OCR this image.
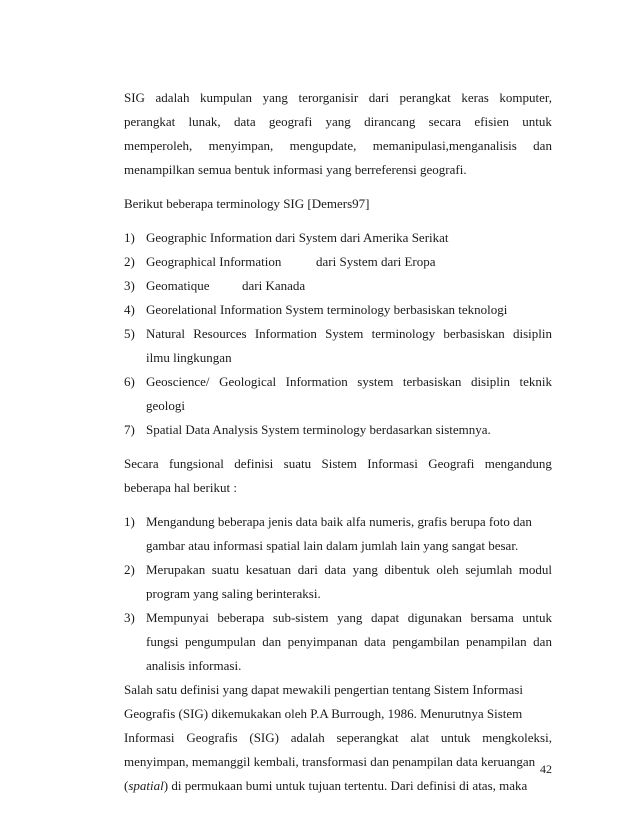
SIG adalah kumpulan yang terorganisir dari perangkat keras komputer,
perangkat lunak, data geografi yang dirancang secara efisien untuk
memperoleh, menyimpan, mengupdate, memanipulasi,menganalisis dan
menampilkan semua bentuk informasi yang berreferensi geografi.
Berikut beberapa terminology SIG [Demers97]
1) Geographic Information dari System dari Amerika Serikat
2) Geographical Information	dari System dari Eropa
3) Geomatique dari Kanada
4) Georelational Information System terminology berbasiskan teknologi
5) Natural Resources Information System terminology berbasiskan disiplin
ilmu lingkungan
6) Geoscience/ Geological Information system terbasiskan disiplin teknik
geologi
7) Spatial Data Analysis System terminology berdasarkan sistemnya.
Secara fungsional definisi suatu Sistem Informasi Geografi mengandung
beberapa hal berikut :
1) Mengandung beberapa jenis data baik alfa numeris, grafis berupa foto dan
gambar atau informasi spatial lain dalam jumlah lain yang sangat besar.
2) Merupakan suatu kesatuan dari data yang dibentuk oleh sejumlah modul
program yang saling berinteraksi.
3) Mempunyai beberapa sub-sistem yang dapat digunakan bersama untuk
fungsi pengumpulan dan penyimpanan data pengambilan penampilan dan
analisis informasi.
Salah satu definisi yang dapat mewakili pengertian tentang Sistem Informasi
Geografis (SIG) dikemukakan oleh P.A Burrough, 1986. Menurutnya Sistem
Informasi Geografis (SIG) adalah seperangkat alat untuk mengkoleksi,
menyimpan, memanggil kembali, transformasi dan penampilan data keruangan
(spatial) di permukaan bumi untuk tujuan tertentu. Dari definisi di atas, maka
42
